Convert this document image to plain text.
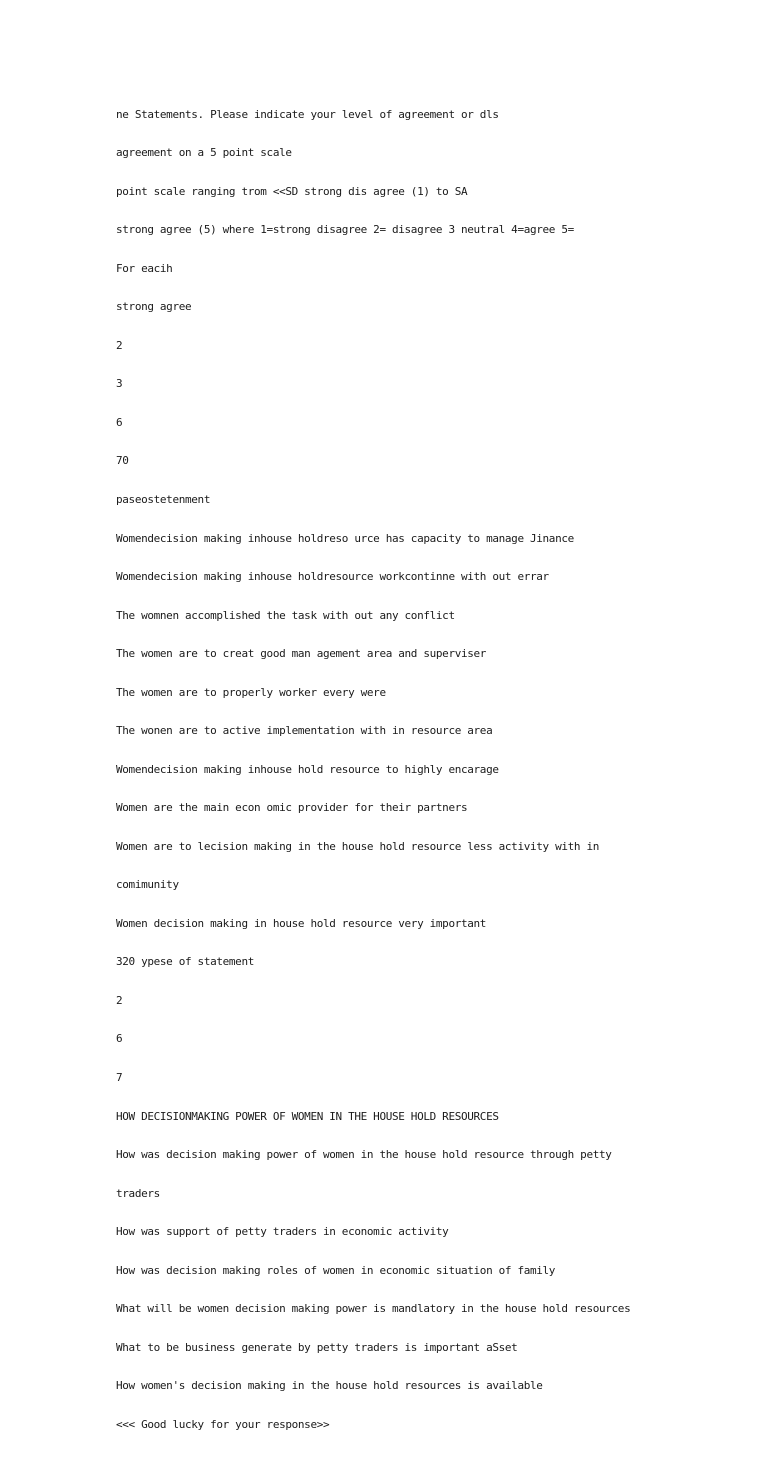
ne Statements. Please indicate your level of agreement or dls

agreement on a 5 point scale

point scale ranging trom <<SD strong dis agree (1) to SA

strong agree (5) where 1=strong disagree 2= disagree 3 neutral 4=agree 5=

For eacih

strong agree

2

3

6

70

paseostetenment

Womendecision making inhouse holdreso urce has capacity to manage Jinance

Womendecision making inhouse holdresource workcontinne with out errar

The womnen accomplished the task with out any conflict

The women are to creat good man agement area and superviser

The women are to properly worker every were

The wonen are to active implementation with in resource area

Womendecision making inhouse hold resource to highly encarage

Women are the main econ omic provider for their partners

Women are to lecision making in the house hold resource less activity with in

comimunity

Women decision making in house hold resource very important

320 ypese of statement

2

6

7

HOW DECISIONMAKING POWER OF WOMEN IN THE HOUSE HOLD RESOURCES

How was decision making power of women in the house hold resource through petty

traders

How was support of petty traders in economic activity

How was decision making roles of women in economic situation of family

What will be women decision making power is mandlatory in the house hold resources

What to be business generate by petty traders is important aSset

How women's decision making in the house hold resources is available

<<< Good lucky for your response>>
